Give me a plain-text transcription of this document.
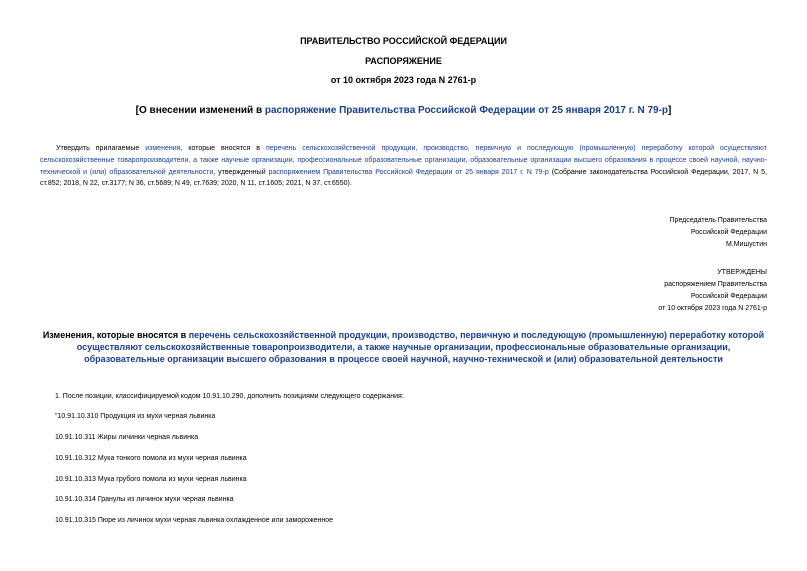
ПРАВИТЕЛЬСТВО РОССИЙСКОЙ ФЕДЕРАЦИИ
РАСПОРЯЖЕНИЕ
от 10 октября 2023 года N 2761-р
[О внесении изменений в распоряжение Правительства Российской Федерации от 25 января 2017 г. N 79-р]
Утвердить прилагаемые изменения, которые вносятся в перечень сельскохозяйственной продукции, производство, первичную и последующую (промышленную) переработку которой осуществляют сельскохозяйственные товаропроизводители, а также научные организации, профессиональные образовательные организации, образовательные организации высшего образования в процессе своей научной, научно-технической и (или) образовательной деятельности, утвержденный распоряжением Правительства Российской Федерации от 25 января 2017 г. N 79-р (Собрание законодательства Российской Федерации, 2017, N 5, ст.852; 2018, N 22, ст.3177; N 36, ст.5689; N 49, ст.7639; 2020, N 11, ст.1605; 2021, N 37, ст.6550).
Председатель Правительства
Российской Федерации
М.Мишустин
УТВЕРЖДЕНЫ
распоряжением Правительства
Российской Федерации
от 10 октября 2023 года N 2761-р
Изменения, которые вносятся в перечень сельскохозяйственной продукции, производство, первичную и последующую (промышленную) переработку которой осуществляют сельскохозяйственные товаропроизводители, а также научные организации, профессиональные образовательные организации, образовательные организации высшего образования в процессе своей научной, научно-технической и (или) образовательной деятельности
1. После позиции, классифицируемой кодом 10.91.10.290, дополнить позициями следующего содержания:
"10.91.10.310 Продукция из мухи черная львинка
10.91.10.311 Жиры личинки черная львинка
10.91.10.312 Мука тонкого помола из мухи черная львинка
10.91.10.313 Мука грубого помола из мухи черная львинка
10.91.10.314 Гранулы из личинок мухи черная львинка
10.91.10.315 Пюре из личинок мухи черная львинка охлажденное или замороженное
